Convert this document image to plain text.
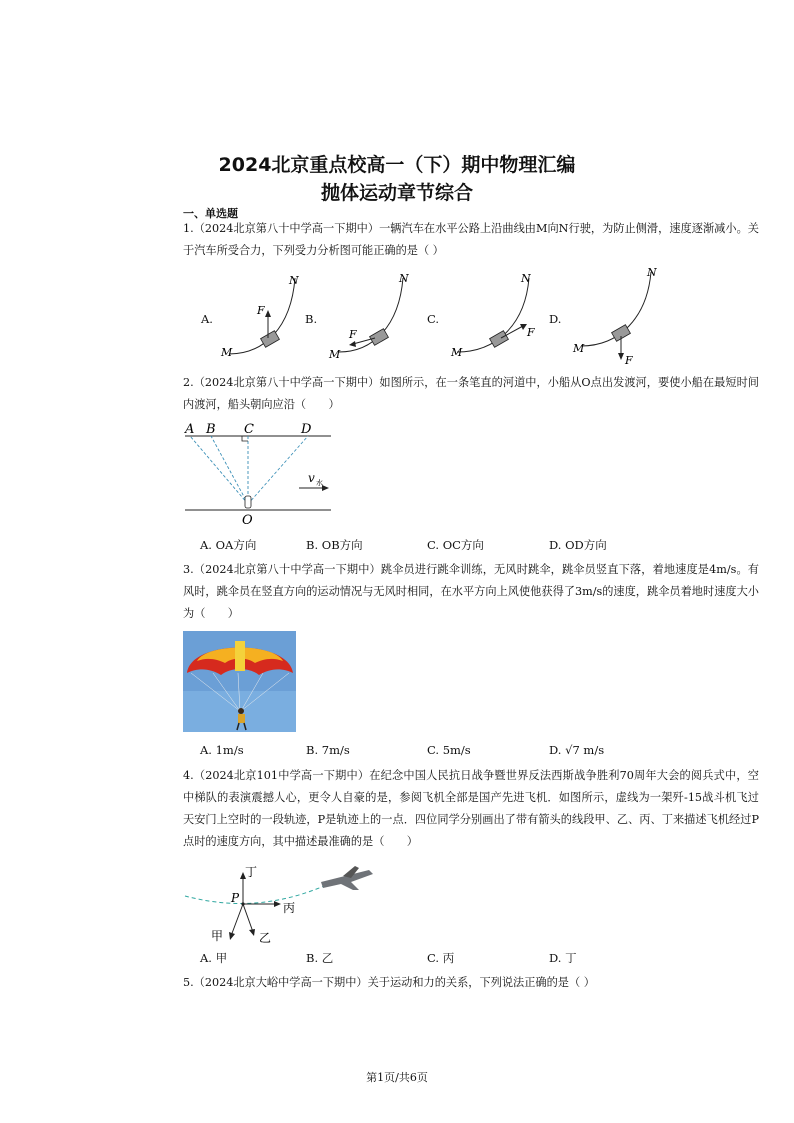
2024北京重点校高一（下）期中物理汇编
抛体运动章节综合
一、单选题
1.（2024北京第八十中学高一下期中）一辆汽车在水平公路上沿曲线由M向N行驶，为防止侧滑，速度逐渐减小。关于汽车所受合力，下列受力分析图可能正确的是（ ）
A.	B.	C.	D.
F
N
M
F
N
M
F
N
M
F
N
M
2.（2024北京第八十中学高一下期中）如图所示，在一条笔直的河道中，小船从O点出发渡河，要使小船在最短时间内渡河，船头朝向应沿（　　）
A B C	D
O
v 水
A. OA方向	B. OB方向	C. OC方向	D. OD方向
3.（2024北京第八十中学高一下期中）跳伞员进行跳伞训练，无风时跳伞，跳伞员竖直下落，着地速度是4m/s。有风时，跳伞员在竖直方向的运动情况与无风时相同，在水平方向上风使他获得了3m/s的速度，跳伞员着地时速度大小为（　　）
A. 1m/s	B. 7m/s	C. 5m/s	D. √7 m/s
4.（2024北京101中学高一下期中）在纪念中国人民抗日战争暨世界反法西斯战争胜利70周年大会的阅兵式中，空中梯队的表演震撼人心，更令人自豪的是，参阅飞机全部是国产先进飞机．如图所示，虚线为一架歼-15战斗机飞过天安门上空时的一段轨迹，P是轨迹上的一点．四位同学分别画出了带有箭头的线段甲、乙、丙、丁来描述飞机经过P点时的速度方向，其中描述最准确的是（　　）
P
丁
丙
甲	乙
A. 甲	B. 乙	C. 丙	D. 丁
5.（2024北京大峪中学高一下期中）关于运动和力的关系，下列说法正确的是（ ）
第1页/共6页
